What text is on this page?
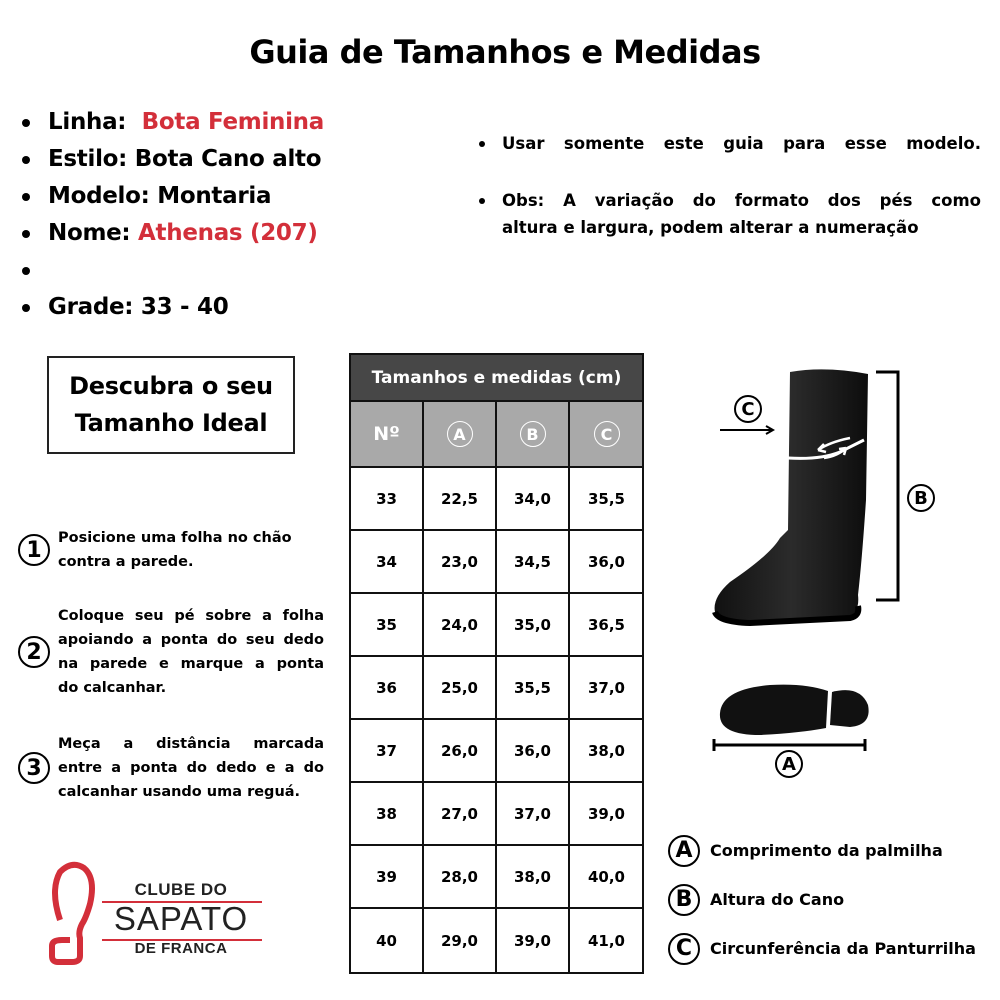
Guia de Tamanhos e Medidas
Linha: Bota Feminina
Estilo: Bota Cano alto
Modelo: Montaria
Nome: Athenas (207)
Grade: 33 - 40
Usar somente este guia para esse modelo.
Obs: A variação do formato dos pés como
altura e largura, podem alterar a numeração
Descubra o seu
Tamanho Ideal
1	Posicione uma folha no chão
contra a parede.
2
Coloque seu pé sobre a folha
apoiando a ponta do seu dedo
na parede e marque a ponta
do calcanhar.
3
Meça a distância marcada
entre a ponta do dedo e a do
calcanhar usando uma reguá.
Tamanhos e medidas (cm)
Nº	A	B	C
33	22,5	34,0	35,5
34	23,0	34,5	36,0
35	24,0	35,0	36,5
36	25,0	35,5	37,0
37	26,0	36,0	38,0
38	27,0	37,0	39,0
39	28,0	38,0	40,0
40	29,0	39,0	41,0
C
B
A
A	Comprimento da palmilha
B	Altura do Cano
C	Circunferência da Panturrilha
CLUBE DO
SAPATO
DE FRANCA
